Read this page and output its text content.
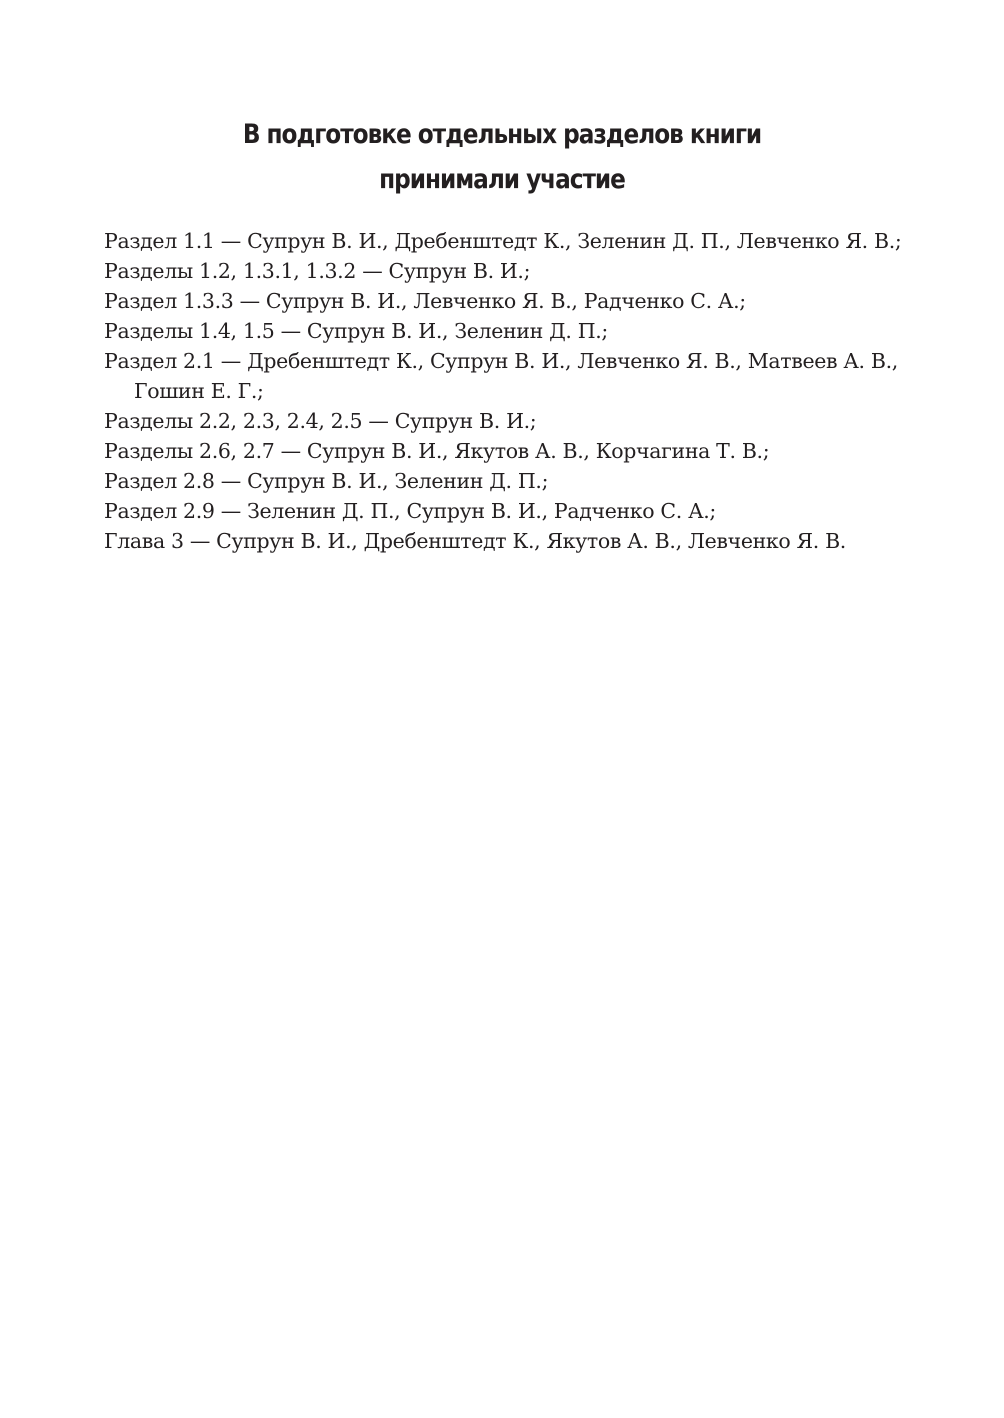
В подготовке отдельных разделов книги
принимали участие
Раздел 1.1 — Супрун В. И., Дребенштедт К., Зеленин Д. П., Левченко Я. В.;
Разделы 1.2, 1.3.1, 1.3.2 — Супрун В. И.;
Раздел 1.3.3 — Супрун В. И., Левченко Я. В., Радченко С. А.;
Разделы 1.4, 1.5 — Супрун В. И., Зеленин Д. П.;
Раздел 2.1 — Дребенштедт К., Супрун В. И., Левченко Я. В., Матвеев А. В., Гошин Е. Г.;
Разделы 2.2, 2.3, 2.4, 2.5 — Супрун В. И.;
Разделы 2.6, 2.7 — Супрун В. И., Якутов А. В., Корчагина Т. В.;
Раздел 2.8 — Супрун В. И., Зеленин Д. П.;
Раздел 2.9 — Зеленин Д. П., Супрун В. И., Радченко С. А.;
Глава 3 — Супрун В. И., Дребенштедт К., Якутов А. В., Левченко Я. В.
